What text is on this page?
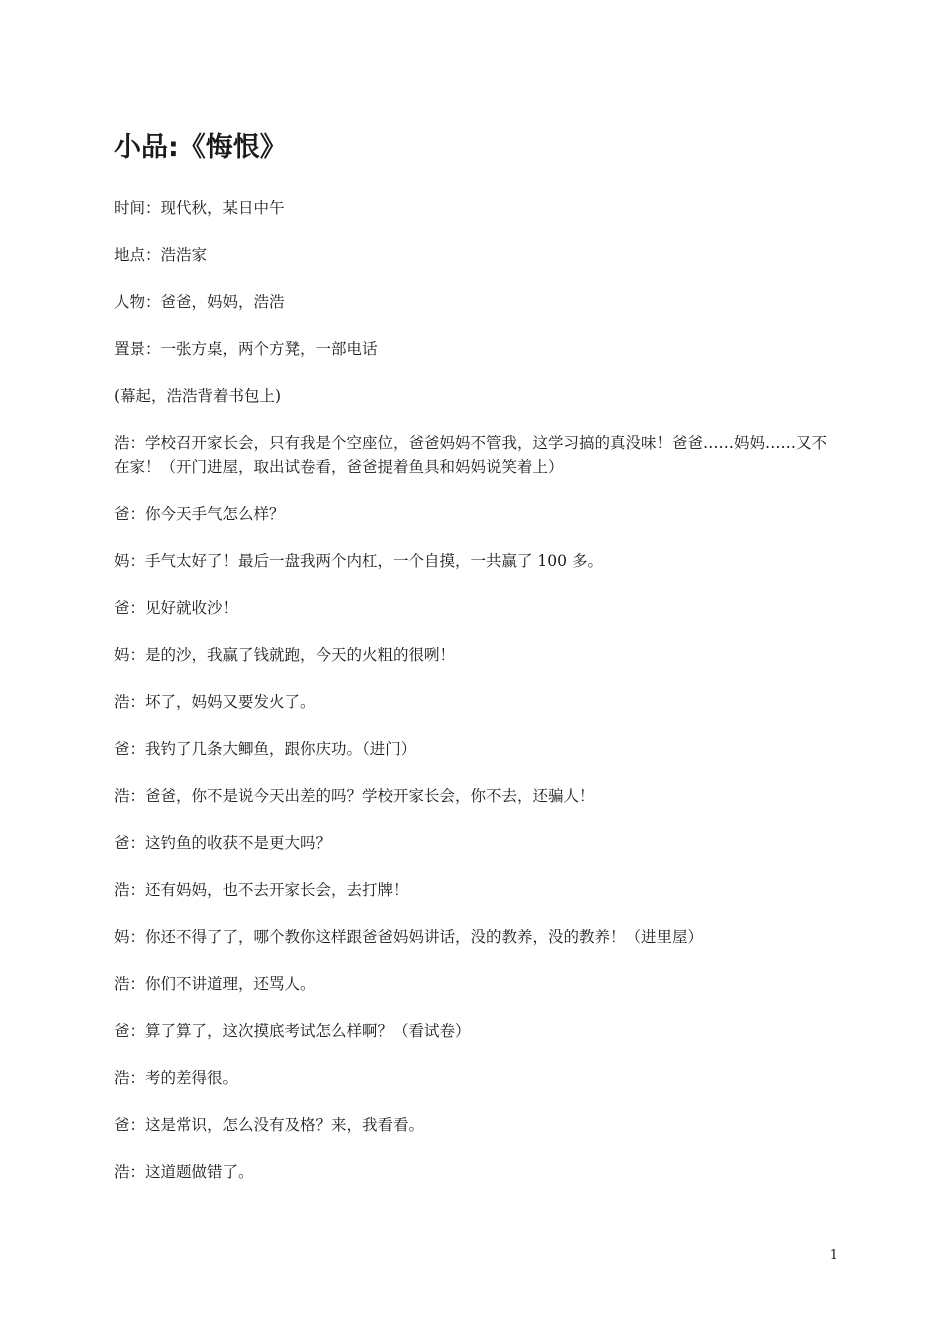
小品:《悔恨》

时间：现代秋，某日中午

地点：浩浩家

人物：爸爸，妈妈，浩浩

置景：一张方桌，两个方凳，一部电话

(幕起，浩浩背着书包上)

浩：学校召开家长会，只有我是个空座位，爸爸妈妈不管我，这学习搞的真没味！爸爸……妈妈……又不在家！（开门进屋，取出试卷看，爸爸提着鱼具和妈妈说笑着上）

爸：你今天手气怎么样？

妈：手气太好了！最后一盘我两个内杠，一个自摸，一共赢了 100 多。

爸：见好就收沙！

妈：是的沙，我赢了钱就跑，今天的火粗的很咧！

浩：坏了，妈妈又要发火了。

爸：我钓了几条大鲫鱼，跟你庆功。（进门）

浩：爸爸，你不是说今天出差的吗？学校开家长会，你不去，还骗人！

爸：这钓鱼的收获不是更大吗？

浩：还有妈妈，也不去开家长会，去打牌！

妈：你还不得了了，哪个教你这样跟爸爸妈妈讲话，没的教养，没的教养！（进里屋）

浩：你们不讲道理，还骂人。

爸：算了算了，这次摸底考试怎么样啊？（看试卷）

浩：考的差得很。

爸：这是常识，怎么没有及格？来，我看看。

浩：这道题做错了。

1
